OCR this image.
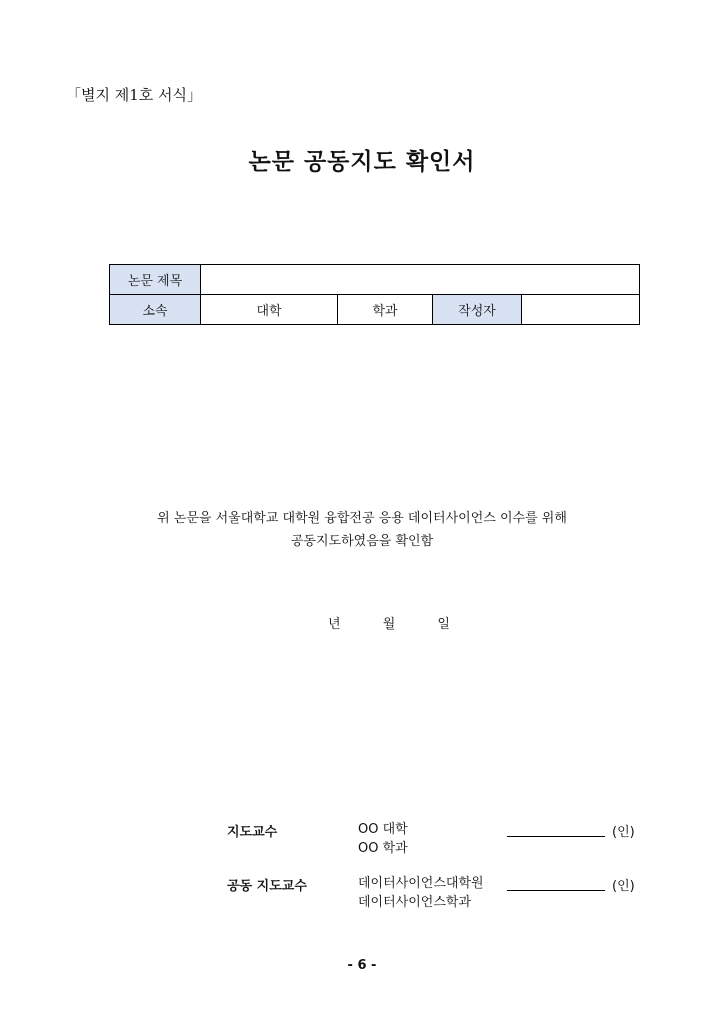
「별지 제1호 서식」
논문 공동지도 확인서
논문 제목				
소속	대학	학과	작성자	
위 논문을 서울대학교 대학원 융합전공 응용 데이터사이언스 이수를 위해
공동지도하였음을 확인함
년	월	일
지도교수	OO 대학
OO 학과
(인)
공동 지도교수	데이터사이언스대학원
데이터사이언스학과
(인)
- 6 -
